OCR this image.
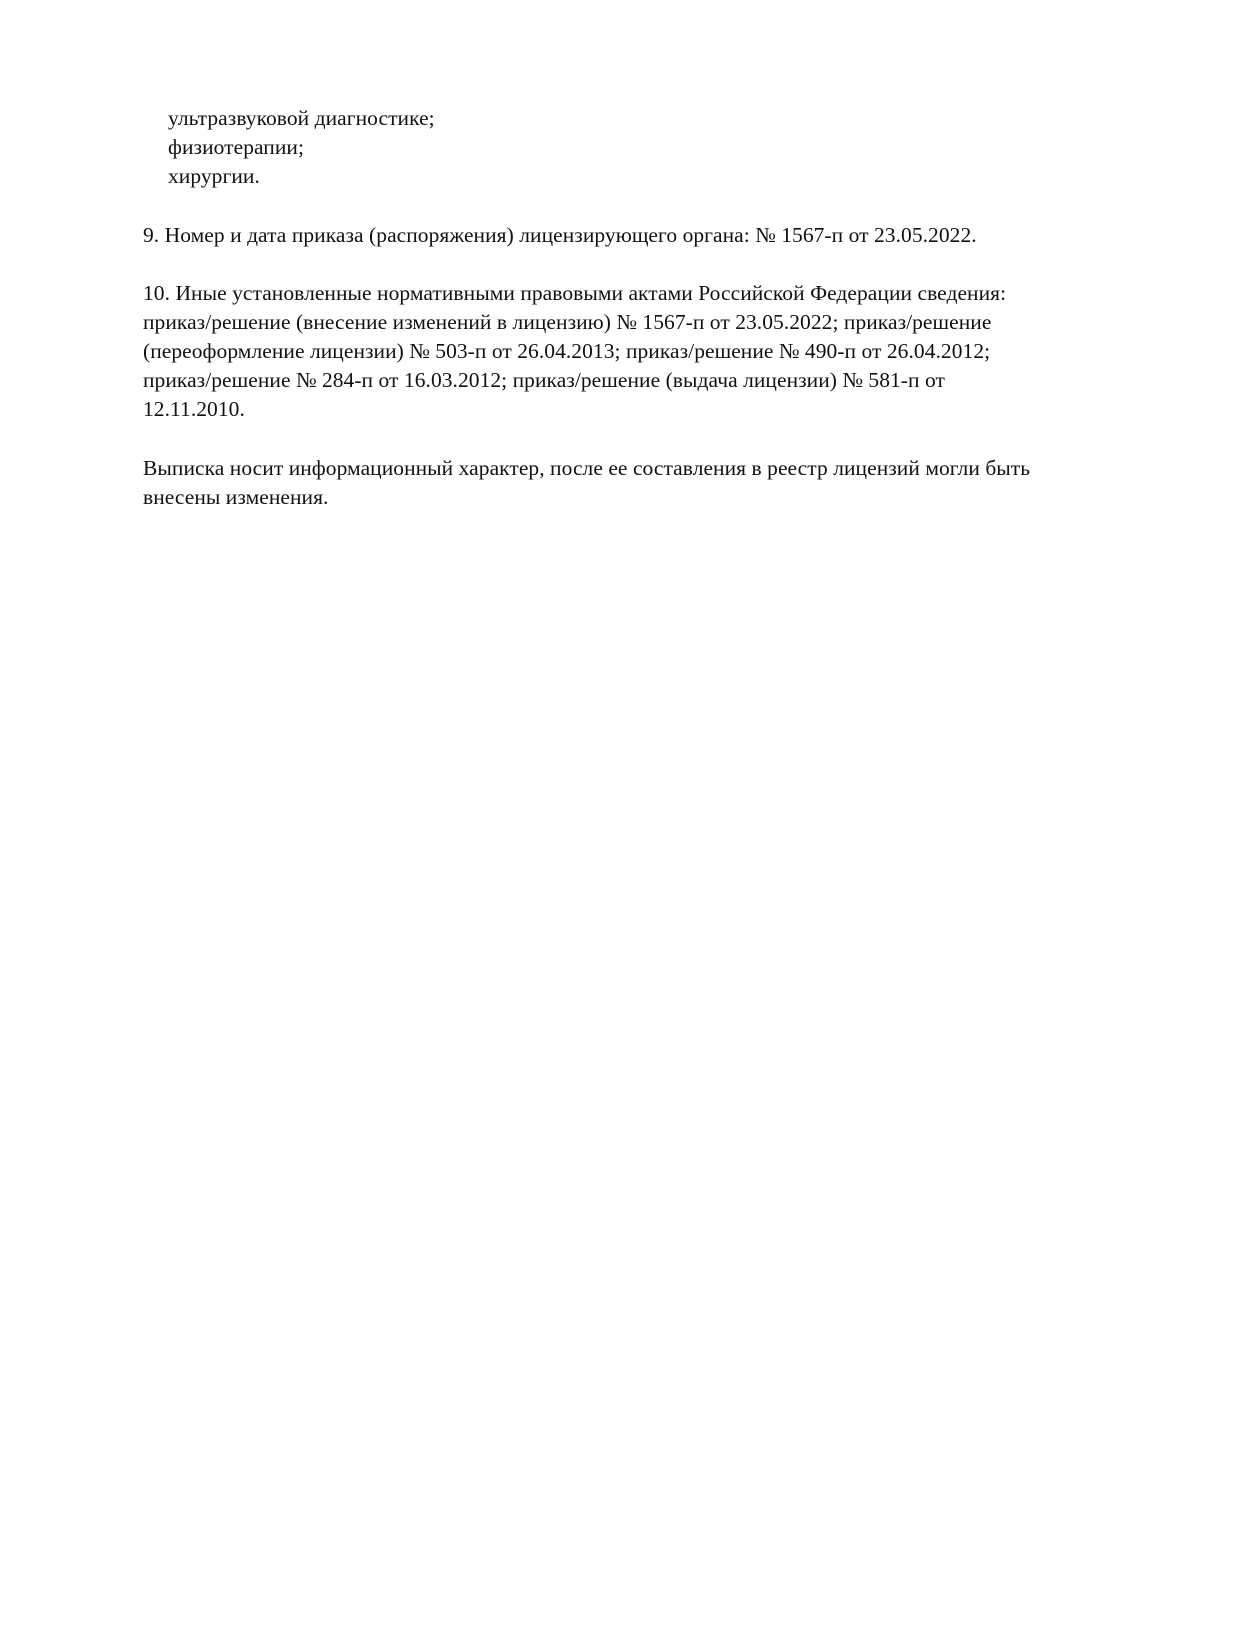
ультразвуковой диагностике;
физиотерапии;
хирургии.
9. Номер и дата приказа (распоряжения) лицензирующего органа: № 1567-п от 23.05.2022.
10. Иные установленные нормативными правовыми актами Российской Федерации сведения:
приказ/решение (внесение изменений в лицензию) № 1567-п от 23.05.2022; приказ/решение
(переоформление лицензии) № 503-п от 26.04.2013; приказ/решение № 490-п от 26.04.2012;
приказ/решение № 284-п от 16.03.2012; приказ/решение (выдача лицензии) № 581-п от
12.11.2010.
Выписка носит информационный характер, после ее составления в реестр лицензий могли быть
внесены изменения.
